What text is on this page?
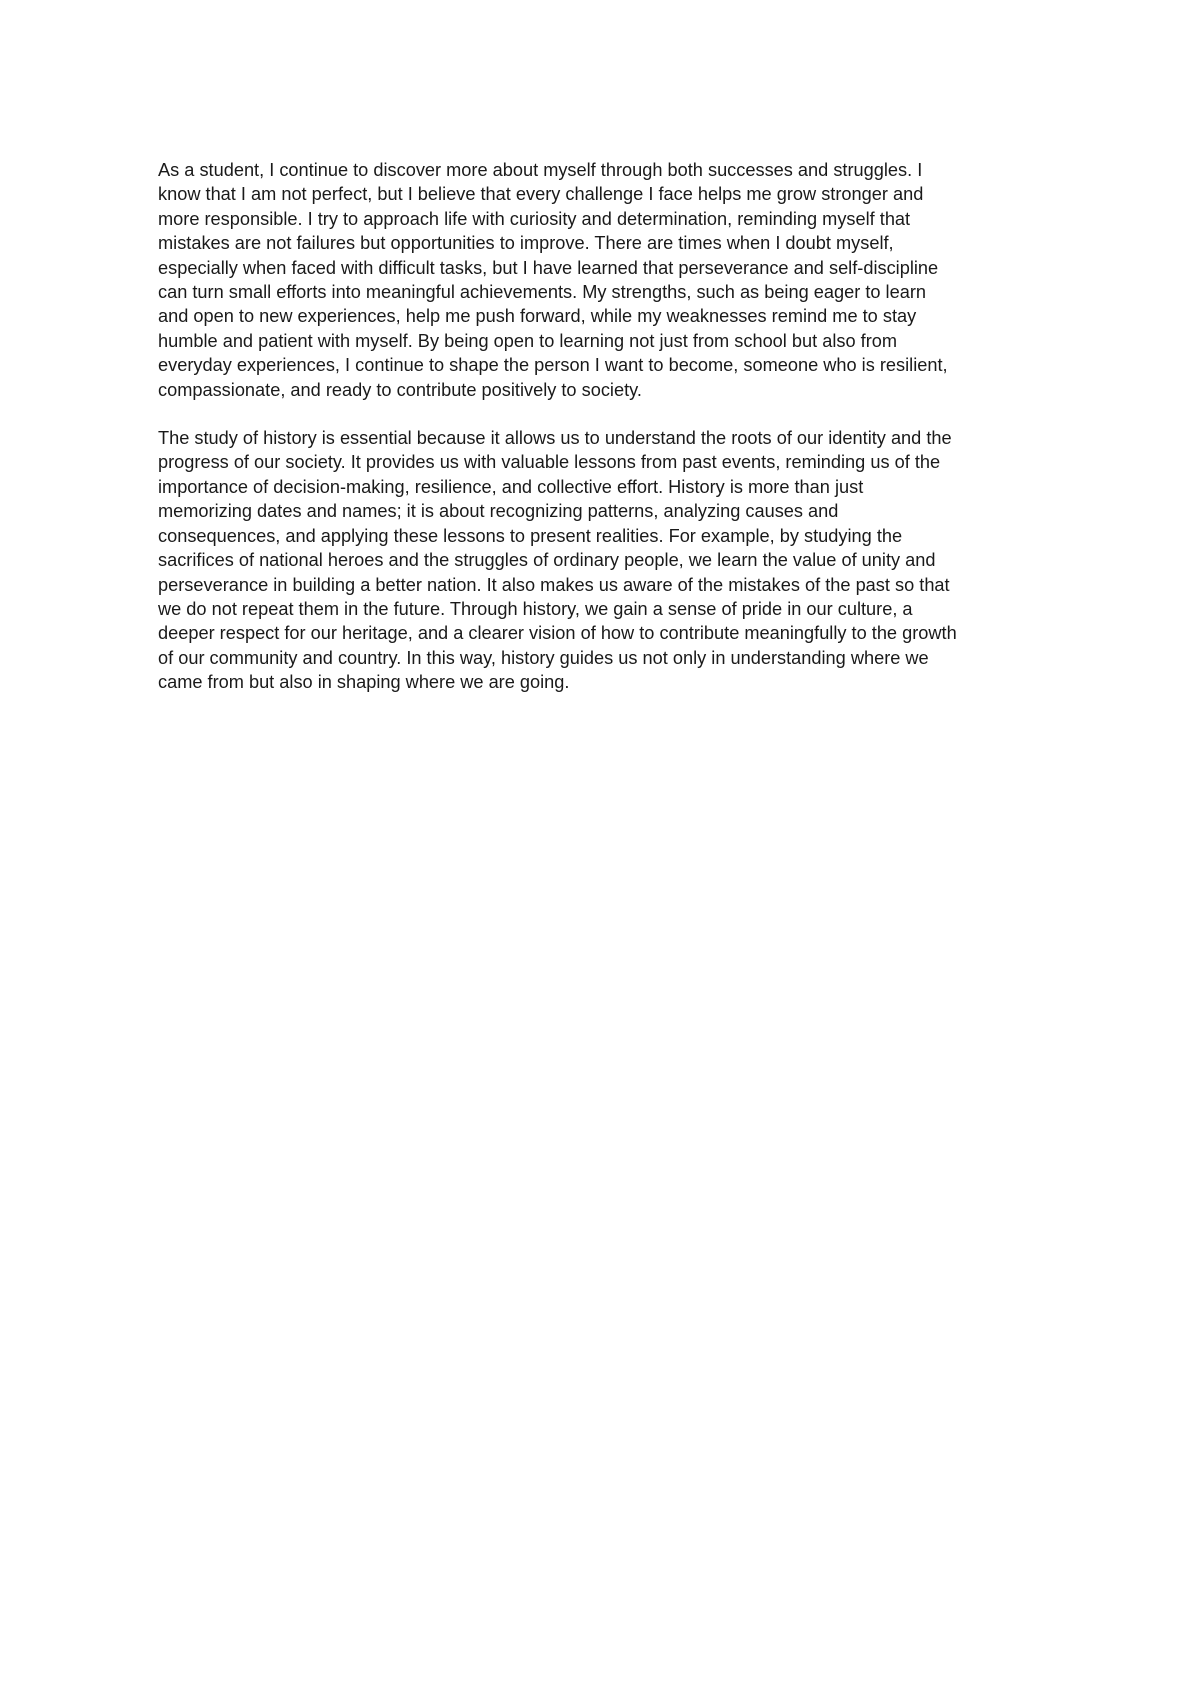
As a student, I continue to discover more about myself through both successes and struggles. I
know that I am not perfect, but I believe that every challenge I face helps me grow stronger and
more responsible. I try to approach life with curiosity and determination, reminding myself that
mistakes are not failures but opportunities to improve. There are times when I doubt myself,
especially when faced with difficult tasks, but I have learned that perseverance and self-discipline
can turn small efforts into meaningful achievements. My strengths, such as being eager to learn
and open to new experiences, help me push forward, while my weaknesses remind me to stay
humble and patient with myself. By being open to learning not just from school but also from
everyday experiences, I continue to shape the person I want to become, someone who is resilient,
compassionate, and ready to contribute positively to society.

The study of history is essential because it allows us to understand the roots of our identity and the
progress of our society. It provides us with valuable lessons from past events, reminding us of the
importance of decision-making, resilience, and collective effort. History is more than just
memorizing dates and names; it is about recognizing patterns, analyzing causes and
consequences, and applying these lessons to present realities. For example, by studying the
sacrifices of national heroes and the struggles of ordinary people, we learn the value of unity and
perseverance in building a better nation. It also makes us aware of the mistakes of the past so that
we do not repeat them in the future. Through history, we gain a sense of pride in our culture, a
deeper respect for our heritage, and a clearer vision of how to contribute meaningfully to the growth
of our community and country. In this way, history guides us not only in understanding where we
came from but also in shaping where we are going.
